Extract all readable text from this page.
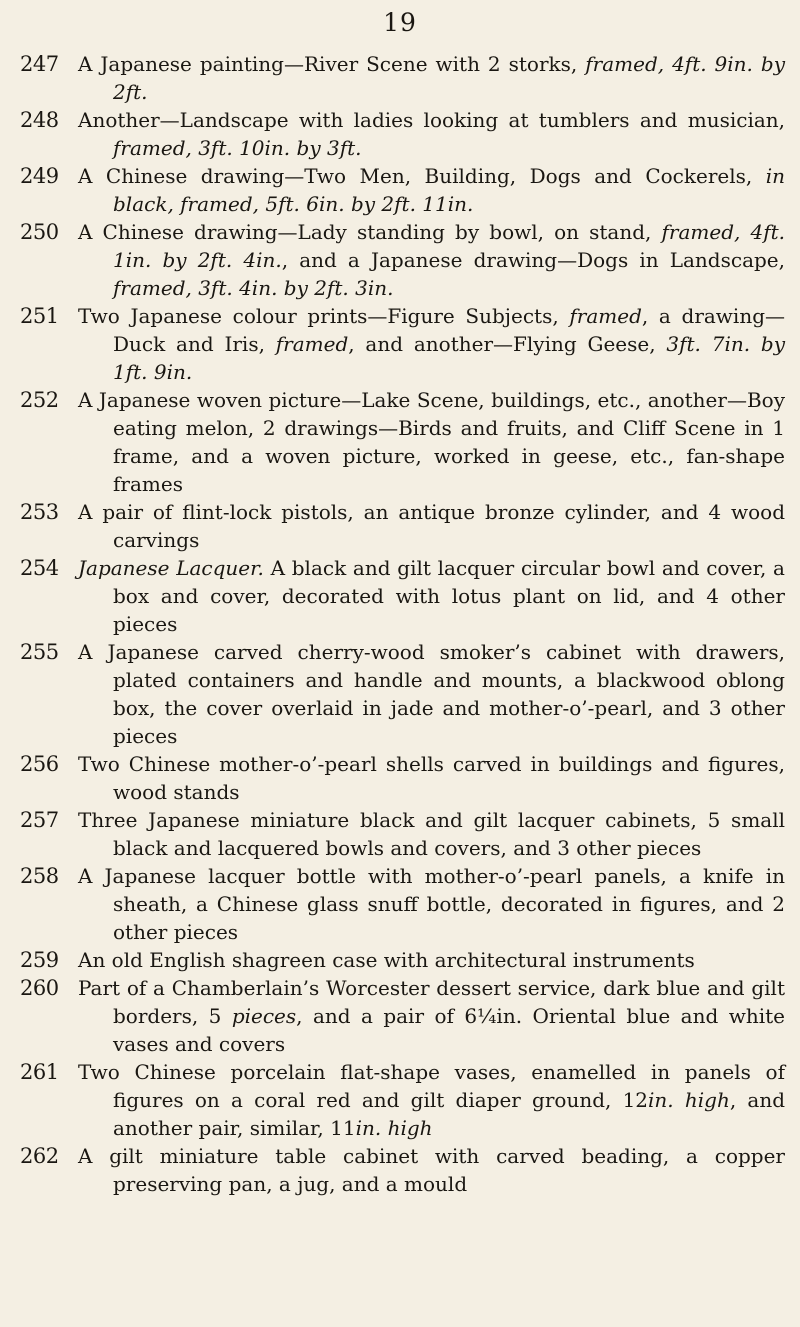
19
247 A Japanese painting—River Scene with 2 storks, framed, 4ft. 9in. by 2ft.
248 Another—Landscape with ladies looking at tumblers and musician, framed, 3ft. 10in. by 3ft.
249 A Chinese drawing—Two Men, Building, Dogs and Cockerels, in black, framed, 5ft. 6in. by 2ft. 11in.
250 A Chinese drawing—Lady standing by bowl, on stand, framed, 4ft. 1in. by 2ft. 4in., and a Japanese drawing—Dogs in Landscape, framed, 3ft. 4in. by 2ft. 3in.
251 Two Japanese colour prints—Figure Subjects, framed, a drawing—Duck and Iris, framed, and another—Flying Geese, 3ft. 7in. by 1ft. 9in.
252 A Japanese woven picture—Lake Scene, buildings, etc., another—Boy eating melon, 2 drawings—Birds and fruits, and Cliff Scene in 1 frame, and a woven picture, worked in geese, etc., fan-shape frames
253 A pair of flint-lock pistols, an antique bronze cylinder, and 4 wood carvings
254 Japanese Lacquer. A black and gilt lacquer circular bowl and cover, a box and cover, decorated with lotus plant on lid, and 4 other pieces
255 A Japanese carved cherry-wood smoker’s cabinet with drawers, plated containers and handle and mounts, a blackwood oblong box, the cover overlaid in jade and mother-o’-pearl, and 3 other pieces
256 Two Chinese mother-o’-pearl shells carved in buildings and figures, wood stands
257 Three Japanese miniature black and gilt lacquer cabinets, 5 small black and lacquered bowls and covers, and 3 other pieces
258 A Japanese lacquer bottle with mother-o’-pearl panels, a knife in sheath, a Chinese glass snuff bottle, decorated in figures, and 2 other pieces
259 An old English shagreen case with architectural instruments
260 Part of a Chamberlain’s Worcester dessert service, dark blue and gilt borders, 5 pieces, and a pair of 6¼in. Oriental blue and white vases and covers
261 Two Chinese porcelain flat-shape vases, enamelled in panels of figures on a coral red and gilt diaper ground, 12in. high, and another pair, similar, 11in. high
262 A gilt miniature table cabinet with carved beading, a copper preserving pan, a jug, and a mould
